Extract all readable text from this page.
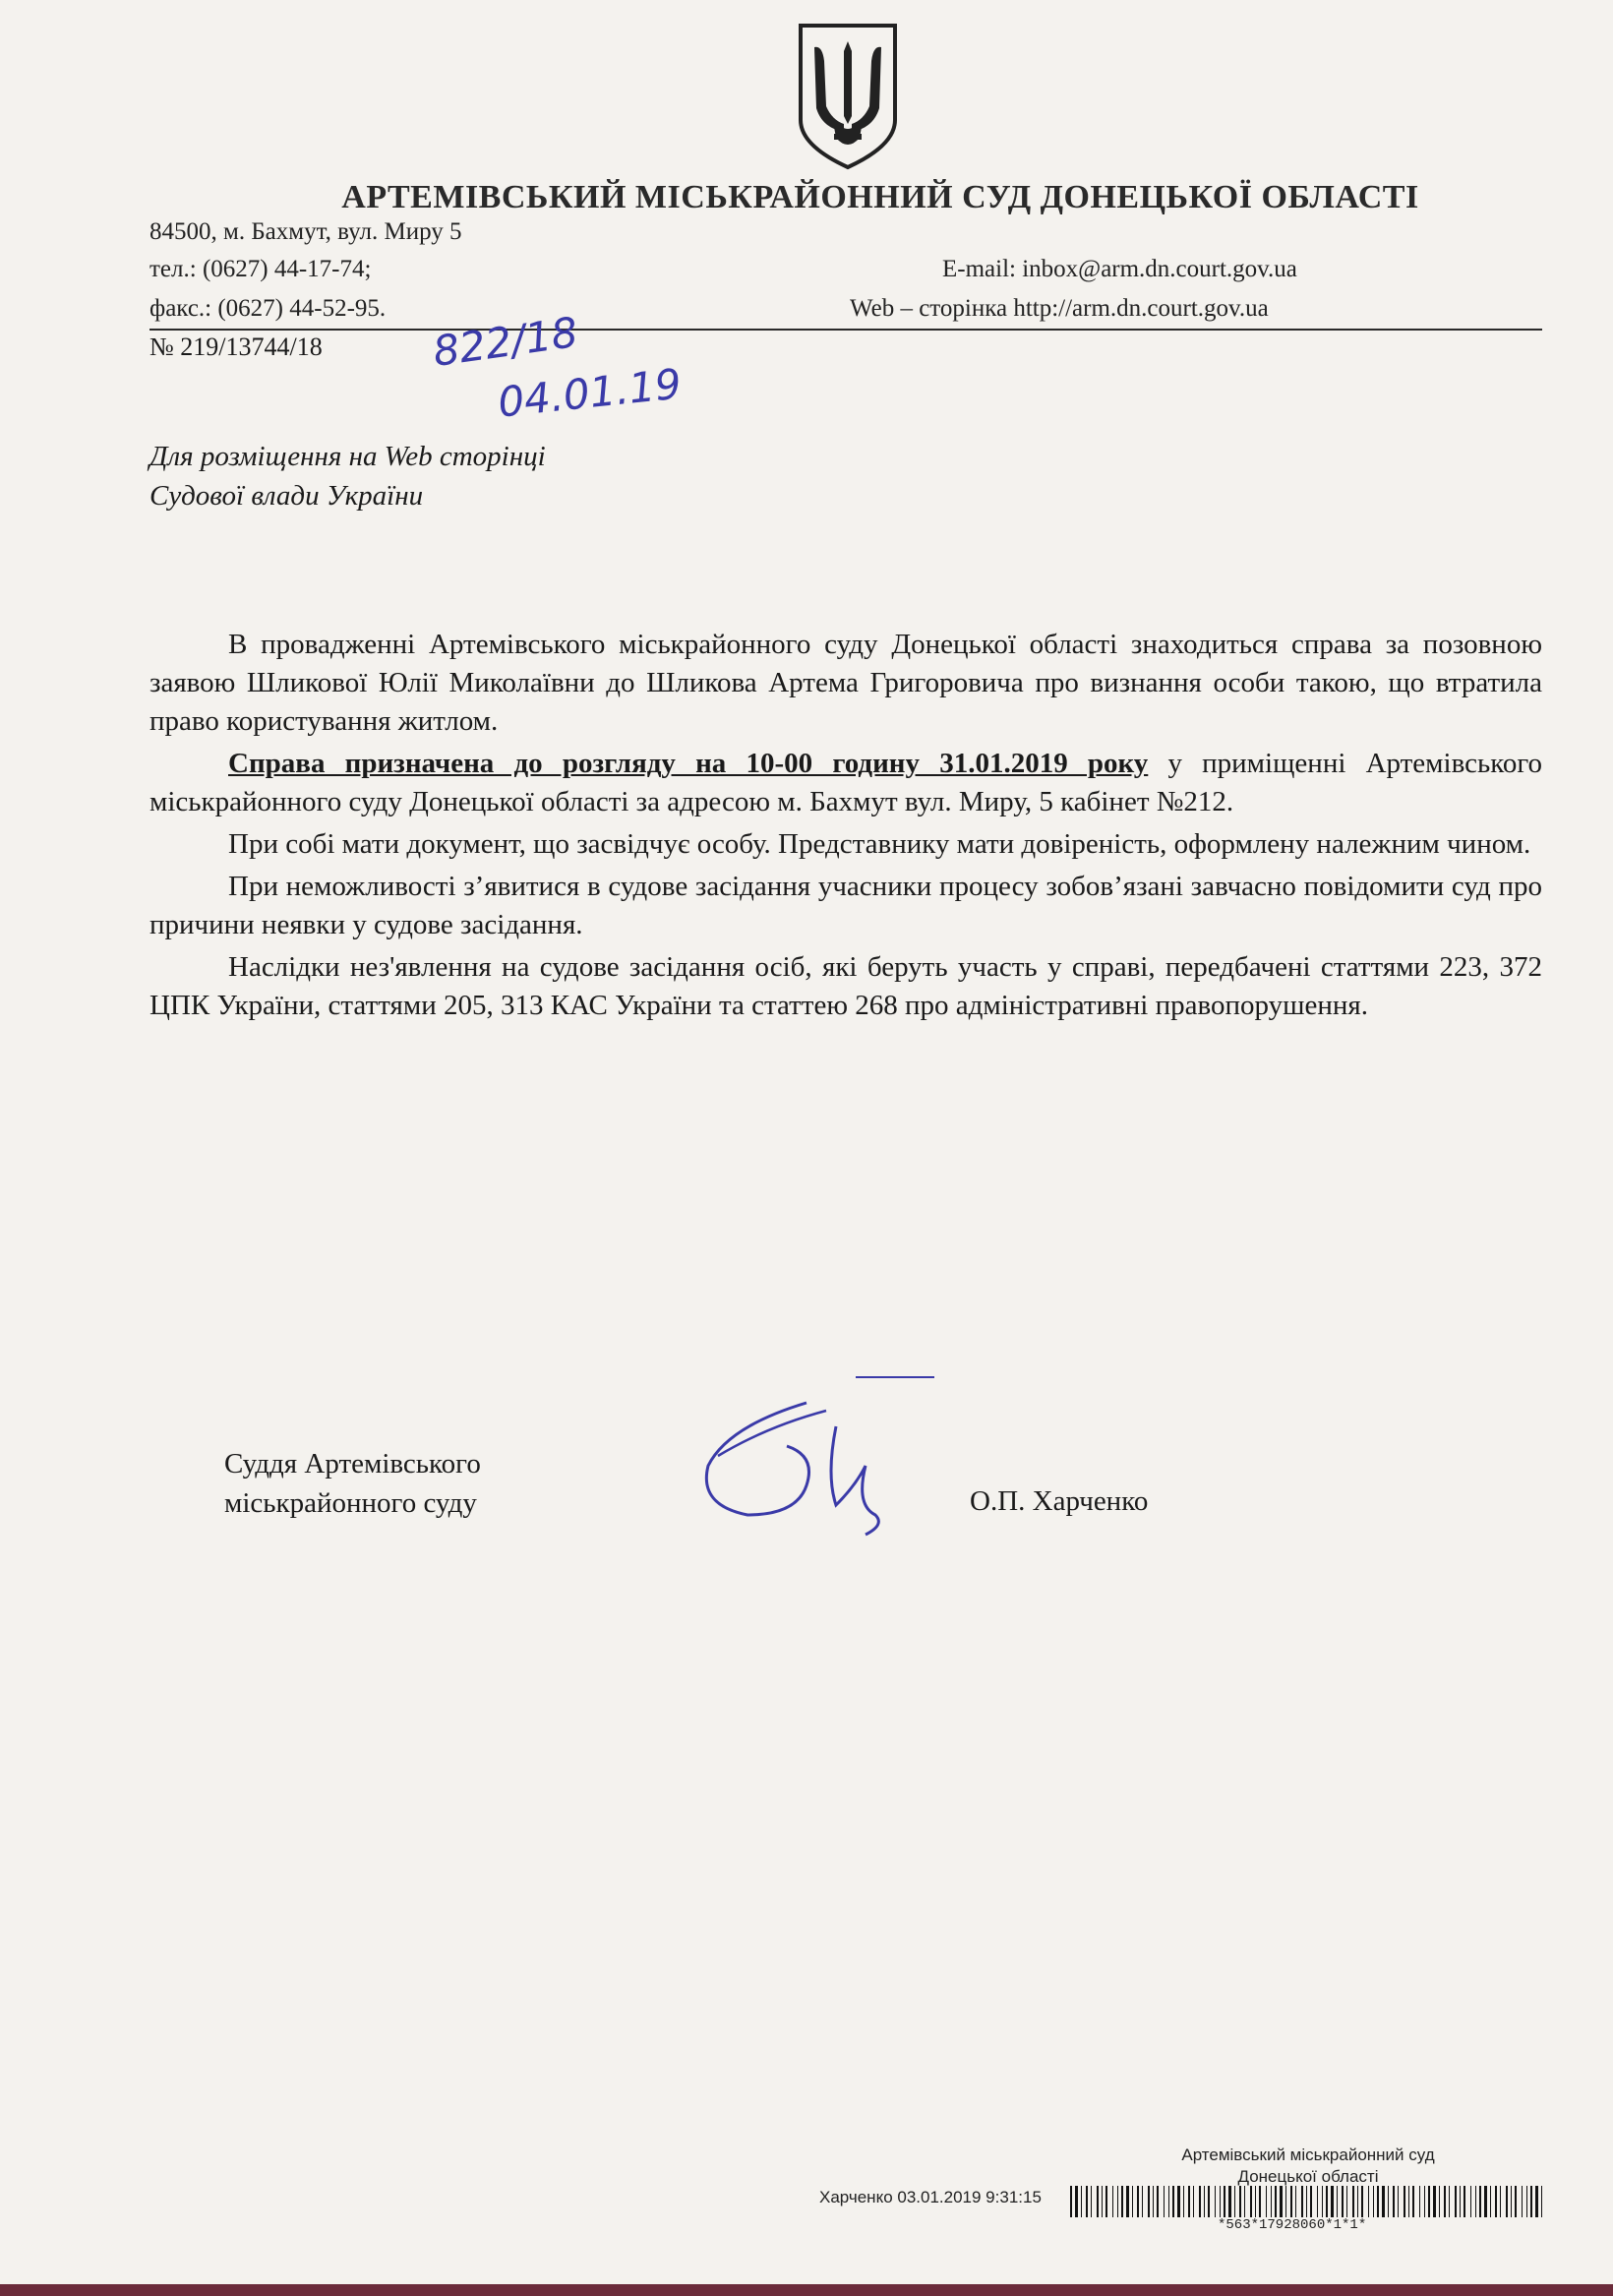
АРТЕМІВСЬКИЙ МІСЬКРАЙОННИЙ СУД ДОНЕЦЬКОЇ ОБЛАСТІ
84500, м. Бахмут, вул. Миру 5
тел.: (0627) 44-17-74;
факс.: (0627) 44-52-95.
E-mail: inbox@arm.dn.court.gov.ua
Web – сторінка http://arm.dn.court.gov.ua
№ 219/13744/18	822/18
04.01.19
Для розміщення на Web сторінці
Судової влади України

В провадженні Артемівського міськрайонного суду Донецької області знаходиться справа за позовною заявою Шликової Юлії Миколаївни до Шликова Артема Григоровича про визнання особи такою, що втратила право користування житлом.

Справа призначена до розгляду на 10-00 годину 31.01.2019 року у приміщенні Артемівського міськрайонного суду Донецької області за адресою м. Бахмут вул. Миру, 5 кабінет №212.

При собі мати документ, що засвідчує особу. Представнику мати довіреність, оформлену належним чином.

При неможливості з’явитися в судове засідання учасники процесу зобов’язані завчасно повідомити суд про причини неявки у судове засідання.

Наслідки нез'явлення на судове засідання осіб, які беруть участь у справі, передбачені статтями 223, 372 ЦПК України, статтями 205, 313 КАС України та статтею 268 про адміністративні правопорушення.

Суддя Артемівського
міськрайонного суду	О.П. Харченко
Артемівський міськрайонний суд
Донецької області
Харченко 03.01.2019 9:31:15
*563*17928060*1*1*
